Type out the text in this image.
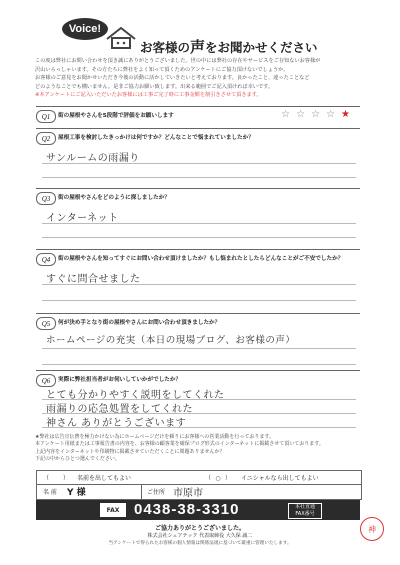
Voice!
お客様の声をお聞かせください
この度は弊社にお問い合わせを頂き誠にありがとうございました。世の中には弊社の存在やサービスをご存知ないお客様が
沢山いらっしゃいます。その方たちに弊社をよく知って頂くためのアンケートにご協力頂けないでしょうか。
お客様のご意見をお聞かせいただき今後の活動に活かしていきたいと考えております。良かったこと、違ったことなど
どのようなことでも構いません。是非ご協力お願い致します。出来る範囲でご記入頂ければ幸いです。
※本アンケートにご記入いただいたお客様には工事ご完了時に工事金額を割引きさせて頂きます。
Q1	街の屋根やさんを5段階で評価をお願いします	☆☆☆☆★
Q2	屋根工事を検討したきっかけは何ですか？どんなことで悩まれていましたか？
サンルームの雨漏り
Q3	街の屋根やさんをどのように探しましたか？
インターネット
Q4	街の屋根やさんを知ってすぐにお問い合わせ頂けましたか？もし悩まれたとしたらどんなことがご不安でしたか？
すぐに問合せました
Q5	何が決め手となり街の屋根やさんにお問い合わせ頂きましたか？
ホームページの充実（本日の現場ブログ、お客様の声）
Q6	実際に弊社担当者がお伺いしていかがでしたか？
とても分かりやすく説明をしてくれた
雨漏りの応急処置をしてくれた
神さん ありがとうございます
★弊社は広告宣伝費を極力かけない為にホームページだけを頼りにお客様への営業活動を行っております。
本アンケート用紙または工事報告書の内容を、お客様の顧客業を確保ブログ形式のインターネットに掲載させて頂いております。
上記内容をインターネットや印刷物に掲載させていただくことに問題ありませんか？
下記の中からひとつ選んでください。
（ ） 名前を出してもよい	（ ○ ） イニシャルなら出してもよい
名 前 Y 様	ご住所 市原市
FAX 0438-38-3310	本社直通
FAX番号
ご協力ありがとうございました。
株式会社シェアテック 代表取締役 大久保 誠二
当アンケートで得られたお客様の個人情報は関係法規に基づいて厳重に管理いたします。
神
